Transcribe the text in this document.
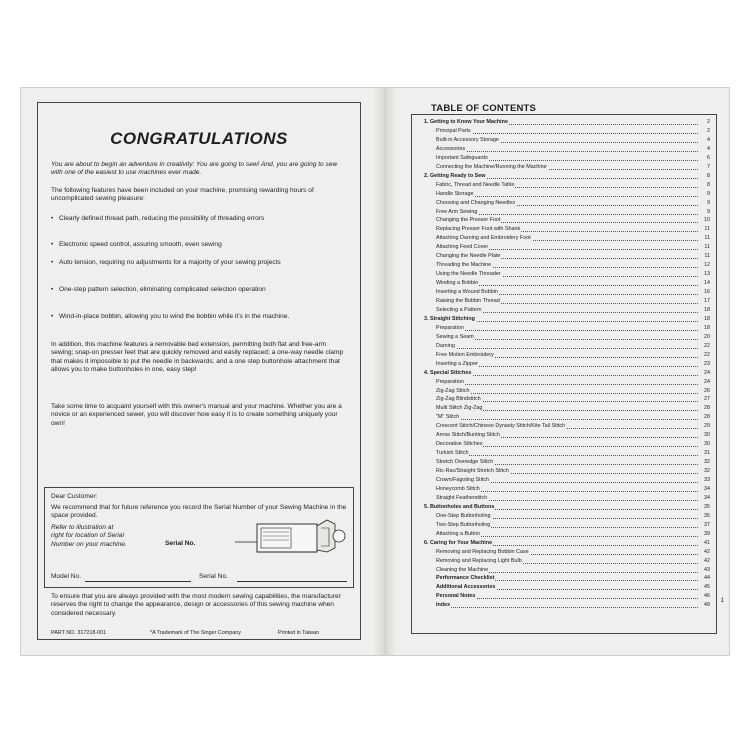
CONGRATULATIONS

You are about to begin an adventure in creativity: You are going to sew! And, you are going to sew with one of the easiest to use machines ever made.

The following features have been included on your machine, promising rewarding hours of uncomplicated sewing pleasure:

• Clearly defined thread path, reducing the possibility of threading errors
• Electronic speed control, assuring smooth, even sewing
• Auto tension, requiring no adjustments for a majority of your sewing projects
• One-step pattern selection, eliminating complicated selection operation
• Wind-in-place bobbin, allowing you to wind the bobbin while it's in the machine.

In addition, this machine features a removable bed extension, permitting both flat and free-arm sewing; snap-on presser feet that are quickly removed and easily replaced; a one-way needle clamp that makes it impossible to put the needle in backwards; and a one step buttonhole attachment that allows you to make buttonholes in one, easy step!

Take some time to acquaint yourself with this owner's manual and your machine. Whether you are a novice or an experienced sewer, you will discover how easy it is to create something uniquely your own!

Dear Customer:

We recommend that for future reference you record the Serial Number of your Sewing Machine in the space provided.

Refer to illustration at right for location of Serial Number on your machine.	Serial No.
Model No.	Serial No.

To ensure that you are always provided with the most modern sewing capabilities, the manufacturer reserves the right to change the appearance, design or accessories of this sewing machine when considered necessary.

PART NO. 317218-001	*A Trademark of The Singer Company	Printed in Taiwan
TABLE OF CONTENTS
1. Getting to Know Your Machine	2
Principal Parts	2
Built-in Accessory Storage	4
Accessories	4
Important Safeguards	6
Connecting the Machine/Running the Machine	7
2. Getting Ready to Sew	8
Fabric, Thread and Needle Table	8
Handle Storage	9
Choosing and Changing Needles	9
Free Arm Sewing	9
Changing the Presser Foot	10
Replacing Presser Foot with Shank	11
Attaching Darning and Embroidery Foot	11
Attaching Feed Cover	11
Changing the Needle Plate	11
Threading the Machine	12
Using the Needle Threader	13
Winding a Bobbin	14
Inserting a Wound Bobbin	16
Raising the Bobbin Thread	17
Selecting a Pattern	18
3. Straight Stitching	18
Preparation	18
Sewing a Seam	20
Darning	22
Free Motion Embroidery	22
Inserting a Zipper	23
4. Special Stitches	24
Preparation	24
Zig-Zag Stitch	26
Zig-Zag Blindstitch	27
Multi Stitch Zig-Zag	28
"M" Stitch	28
Crescent Stitch/Chinese Dynasty Stitch/Kite Tail Stitch	29
Arrow Stitch/Bunting Stitch	30
Decorative Stitches	30
Turkish Stitch	31
Stretch Overedge Stitch	32
Ric-Rac/Straight Stretch Stitch	32
Crown/Fagoting Stitch	33
Honeycomb Stitch	34
Straight Featherstitch	34
5. Buttonholes and Buttons	35
One-Step Buttonholing	35
Two-Step Buttonholing	37
Attaching a Button	39
6. Caring for Your Machine	41
Removing and Replacing Bobbin Case	42
Removing and Replacing Light Bulb	42
Cleaning the Machine	43
Performance Checklist	44
Additional Accessories	45
Personal Notes	46
Index	49
1
